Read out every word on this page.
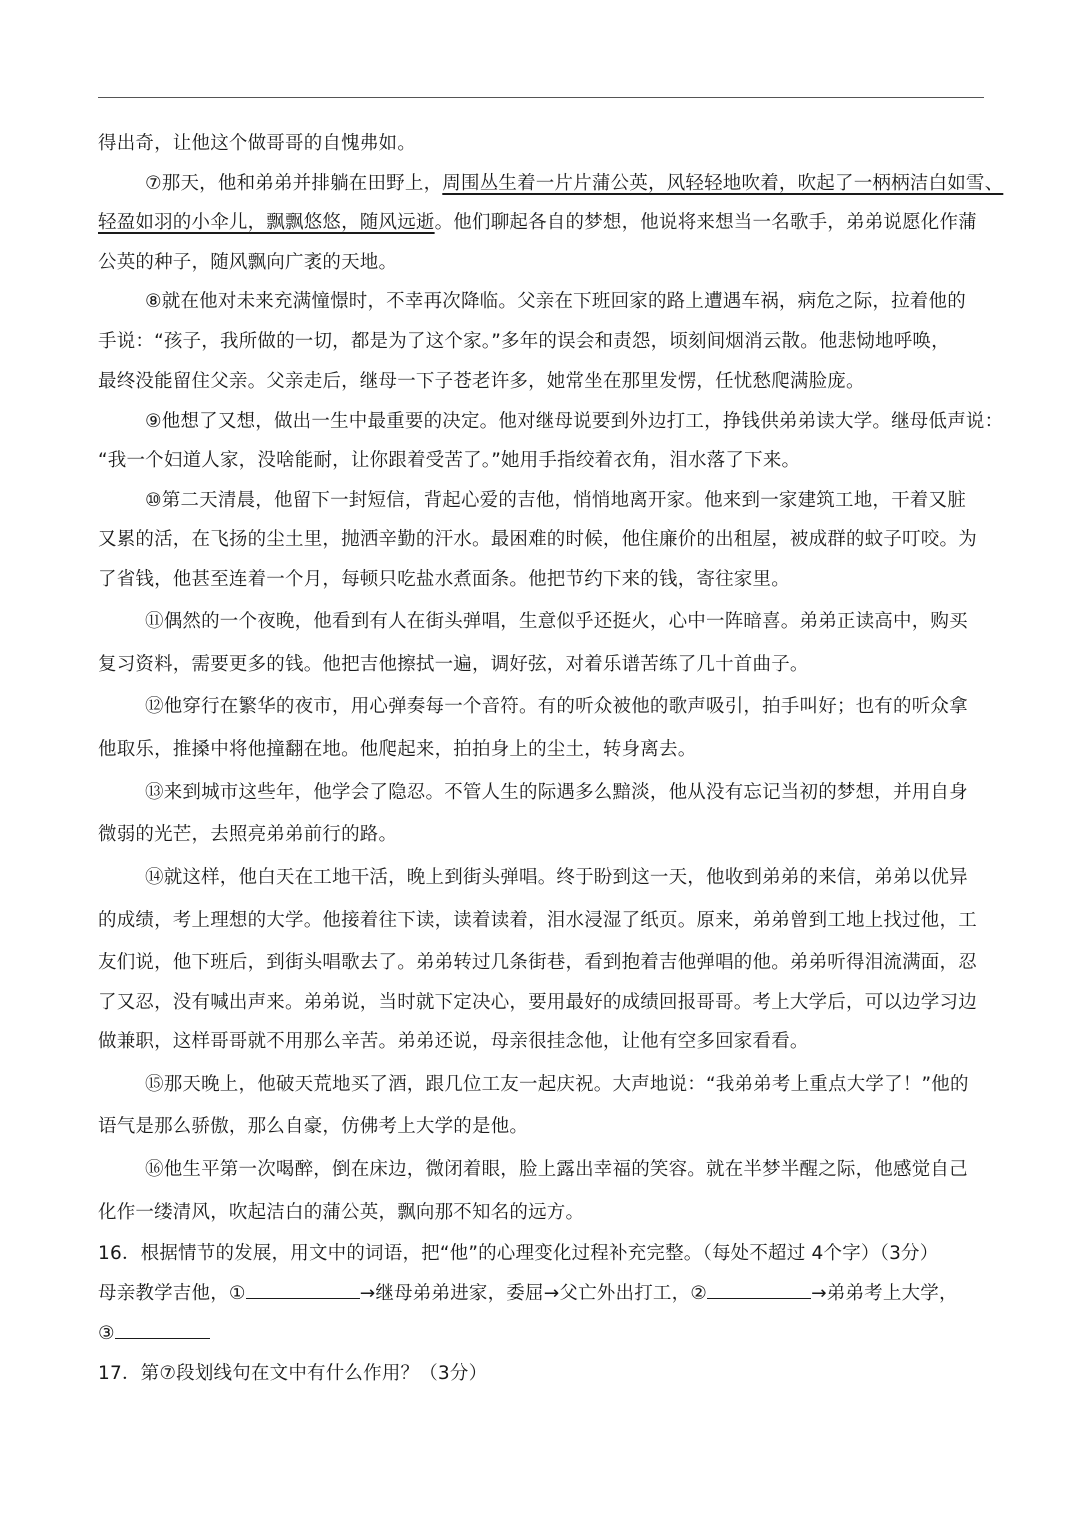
得出奇，让他这个做哥哥的自愧弗如。
⑦那天，他和弟弟并排躺在田野上，周围丛生着一片片蒲公英，风轻轻地吹着，吹起了一柄柄洁白如雪、
轻盈如羽的小伞儿，飘飘悠悠，随风远逝。他们聊起各自的梦想，他说将来想当一名歌手，弟弟说愿化作蒲
公英的种子，随风飘向广袤的天地。
⑧就在他对未来充满憧憬时，不幸再次降临。父亲在下班回家的路上遭遇车祸，病危之际，拉着他的
手说：“孩子，我所做的一切，都是为了这个家。”多年的误会和责怨，顷刻间烟消云散。他悲恸地呼唤，
最终没能留住父亲。父亲走后，继母一下子苍老许多，她常坐在那里发愣，任忧愁爬满脸庞。
⑨他想了又想，做出一生中最重要的决定。他对继母说要到外边打工，挣钱供弟弟读大学。继母低声说：
“我一个妇道人家，没啥能耐，让你跟着受苦了。”她用手指绞着衣角，泪水落了下来。
⑩第二天清晨，他留下一封短信，背起心爱的吉他，悄悄地离开家。他来到一家建筑工地，干着又脏
又累的活，在飞扬的尘土里，抛洒辛勤的汗水。最困难的时候，他住廉价的出租屋，被成群的蚊子叮咬。为
了省钱，他甚至连着一个月，每顿只吃盐水煮面条。他把节约下来的钱，寄往家里。
⑪偶然的一个夜晚，他看到有人在街头弹唱，生意似乎还挺火，心中一阵暗喜。弟弟正读高中，购买
复习资料，需要更多的钱。他把吉他擦拭一遍，调好弦，对着乐谱苦练了几十首曲子。
⑫他穿行在繁华的夜市，用心弹奏每一个音符。有的听众被他的歌声吸引，拍手叫好；也有的听众拿
他取乐，推搡中将他撞翻在地。他爬起来，拍拍身上的尘土，转身离去。
⑬来到城市这些年，他学会了隐忍。不管人生的际遇多么黯淡，他从没有忘记当初的梦想，并用自身
微弱的光芒，去照亮弟弟前行的路。
⑭就这样，他白天在工地干活，晚上到街头弹唱。终于盼到这一天，他收到弟弟的来信，弟弟以优异
的成绩，考上理想的大学。他接着往下读，读着读着，泪水浸湿了纸页。原来，弟弟曾到工地上找过他，工
友们说，他下班后，到街头唱歌去了。弟弟转过几条街巷，看到抱着吉他弹唱的他。弟弟听得泪流满面，忍
了又忍，没有喊出声来。弟弟说，当时就下定决心，要用最好的成绩回报哥哥。考上大学后，可以边学习边
做兼职，这样哥哥就不用那么辛苦。弟弟还说，母亲很挂念他，让他有空多回家看看。
⑮那天晚上，他破天荒地买了酒，跟几位工友一起庆祝。大声地说：“我弟弟考上重点大学了！”他的
语气是那么骄傲，那么自豪，仿佛考上大学的是他。
⑯他生平第一次喝醉，倒在床边，微闭着眼，脸上露出幸福的笑容。就在半梦半醒之际，他感觉自己
化作一缕清风，吹起洁白的蒲公英，飘向那不知名的远方。
16．根据情节的发展，用文中的词语，把“他”的心理变化过程补充完整。（每处不超过 4个字）（3分）
母亲教学吉他，①	→继母弟弟进家，委屈→父亡外出打工，②	→弟弟考上大学，
③
17．第⑦段划线句在文中有什么作用？（3分）
